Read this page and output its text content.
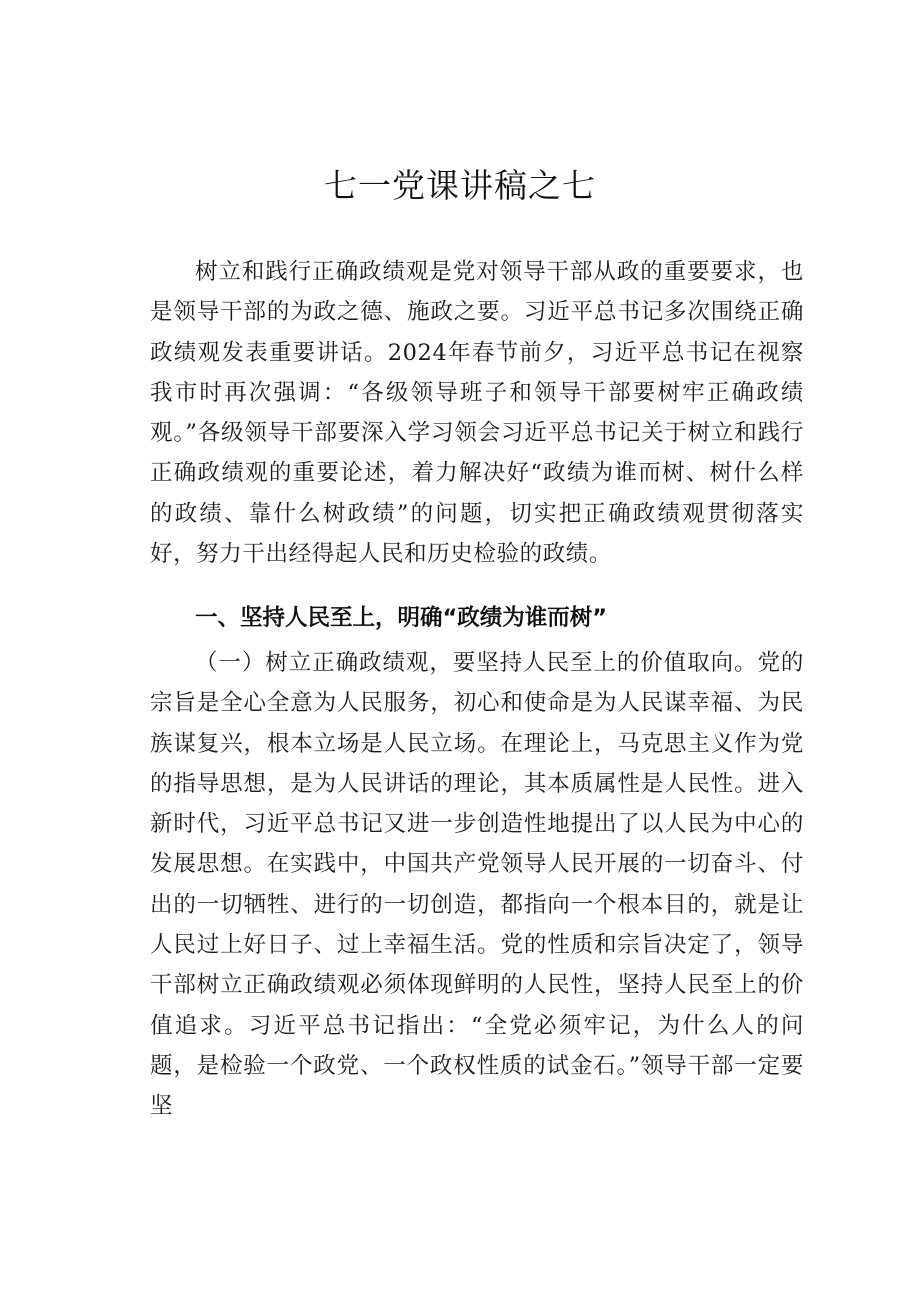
七一党课讲稿之七

树立和践行正确政绩观是党对领导干部从政的重要要求，也是领导干部的为政之德、施政之要。习近平总书记多次围绕正确政绩观发表重要讲话。2024年春节前夕，习近平总书记在视察我市时再次强调：“各级领导班子和领导干部要树牢正确政绩观。”各级领导干部要深入学习领会习近平总书记关于树立和践行正确政绩观的重要论述，着力解决好“政绩为谁而树、树什么样的政绩、靠什么树政绩”的问题，切实把正确政绩观贯彻落实好，努力干出经得起人民和历史检验的政绩。

一、坚持人民至上，明确“政绩为谁而树”

（一）树立正确政绩观，要坚持人民至上的价值取向。党的宗旨是全心全意为人民服务，初心和使命是为人民谋幸福、为民族谋复兴，根本立场是人民立场。在理论上，马克思主义作为党的指导思想，是为人民讲话的理论，其本质属性是人民性。进入新时代，习近平总书记又进一步创造性地提出了以人民为中心的发展思想。在实践中，中国共产党领导人民开展的一切奋斗、付出的一切牺牲、进行的一切创造，都指向一个根本目的，就是让人民过上好日子、过上幸福生活。党的性质和宗旨决定了，领导干部树立正确政绩观必须体现鲜明的人民性，坚持人民至上的价值追求。习近平总书记指出：“全党必须牢记，为什么人的问题，是检验一个政党、一个政权性质的试金石。”领导干部一定要坚
